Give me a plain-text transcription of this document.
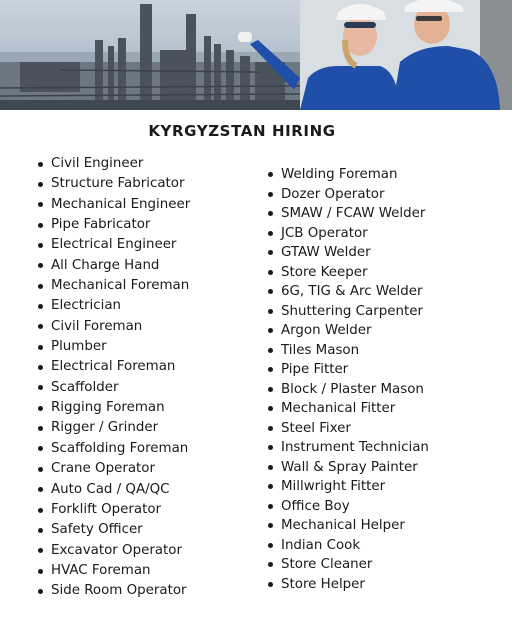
KYRGYZSTAN HIRING
Civil Engineer
Structure Fabricator
Mechanical Engineer
Pipe Fabricator
Electrical Engineer
All Charge Hand
Mechanical Foreman
Electrician
Civil Foreman
Plumber
Electrical Foreman
Scaffolder
Rigging Foreman
Rigger / Grinder
Scaffolding Foreman
Crane Operator
Auto Cad / QA/QC
Forklift Operator
Safety Officer
Excavator Operator
HVAC Foreman
Side Room Operator
Welding Foreman
Dozer Operator
SMAW / FCAW Welder
JCB Operator
GTAW Welder
Store Keeper
6G, TIG & Arc Welder
Shuttering Carpenter
Argon Welder
Tiles Mason
Pipe Fitter
Block / Plaster Mason
Mechanical Fitter
Steel Fixer
Instrument Technician
Wall & Spray Painter
Millwright Fitter
Office Boy
Mechanical Helper
Indian Cook
Store Cleaner
Store Helper
